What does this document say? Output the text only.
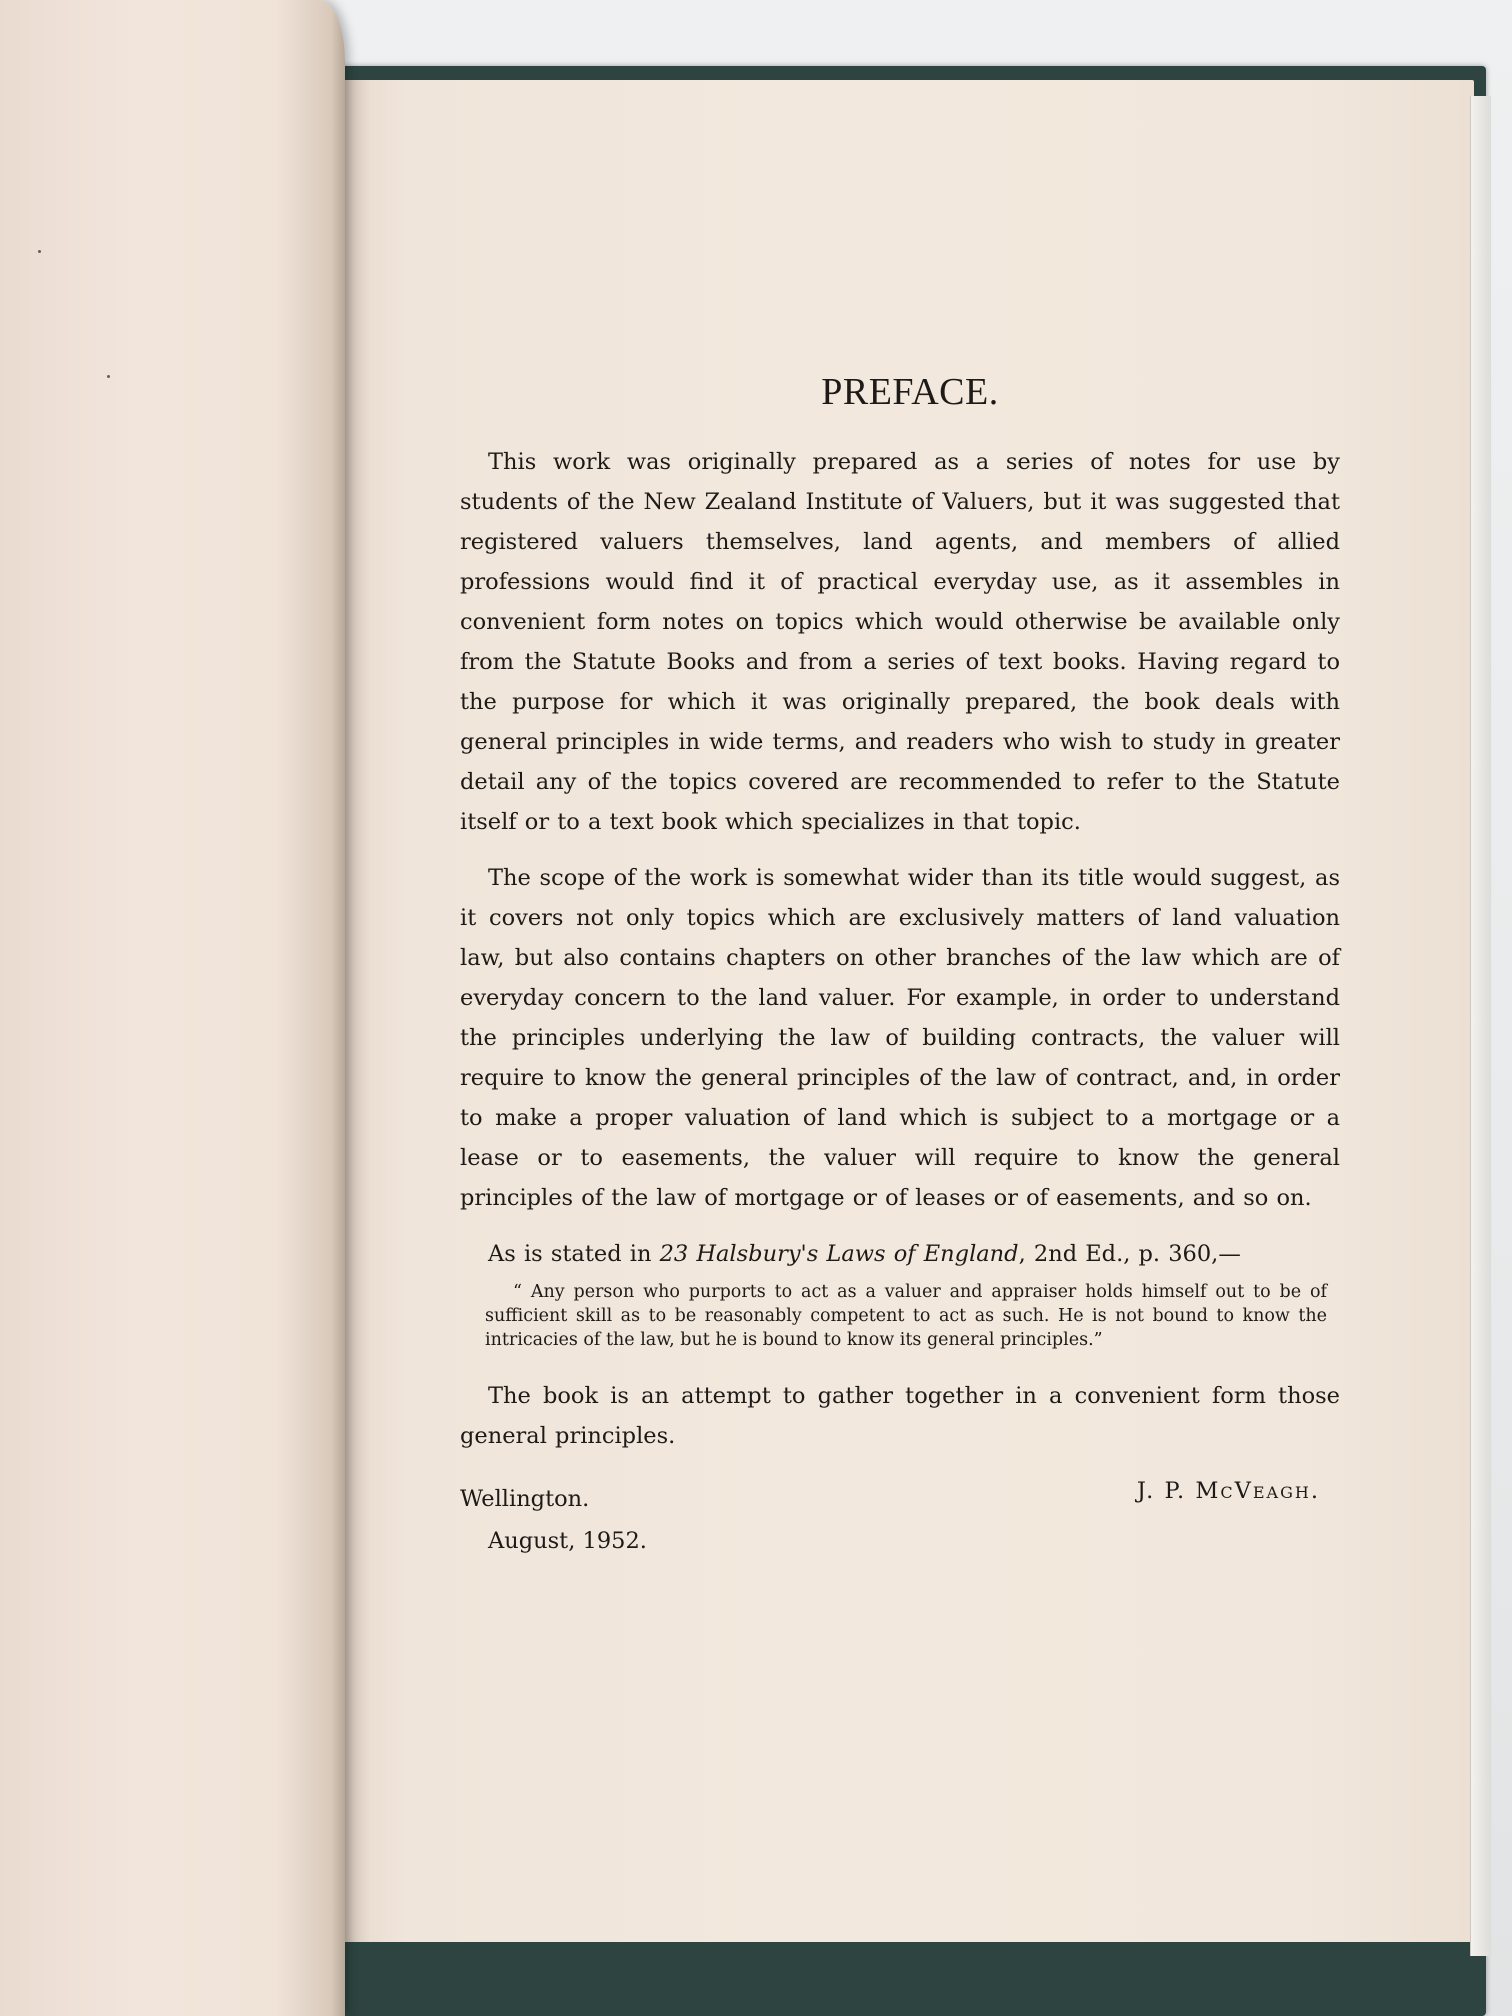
PREFACE.

This work was originally prepared as a series of notes for use by students of the New Zealand Institute of Valuers, but it was suggested that registered valuers themselves, land agents, and members of allied professions would find it of practical everyday use, as it assembles in convenient form notes on topics which would otherwise be available only from the Statute Books and from a series of text books. Having regard to the purpose for which it was originally prepared, the book deals with general principles in wide terms, and readers who wish to study in greater detail any of the topics covered are recommended to refer to the Statute itself or to a text book which specializes in that topic.

The scope of the work is somewhat wider than its title would suggest, as it covers not only topics which are exclusively matters of land valuation law, but also contains chapters on other branches of the law which are of everyday concern to the land valuer. For example, in order to understand the principles underlying the law of building contracts, the valuer will require to know the general principles of the law of contract, and, in order to make a proper valuation of land which is subject to a mortgage or a lease or to easements, the valuer will require to know the general principles of the law of mortgage or of leases or of easements, and so on.

As is stated in 23 Halsbury's Laws of England, 2nd Ed., p. 360,—

“ Any person who purports to act as a valuer and appraiser holds himself out to be of sufficient skill as to be reasonably competent to act as such. He is not bound to know the intricacies of the law, but he is bound to know its general principles.”

The book is an attempt to gather together in a convenient form those general principles.

Wellington.
August, 1952.
J. P. McVeagh.
